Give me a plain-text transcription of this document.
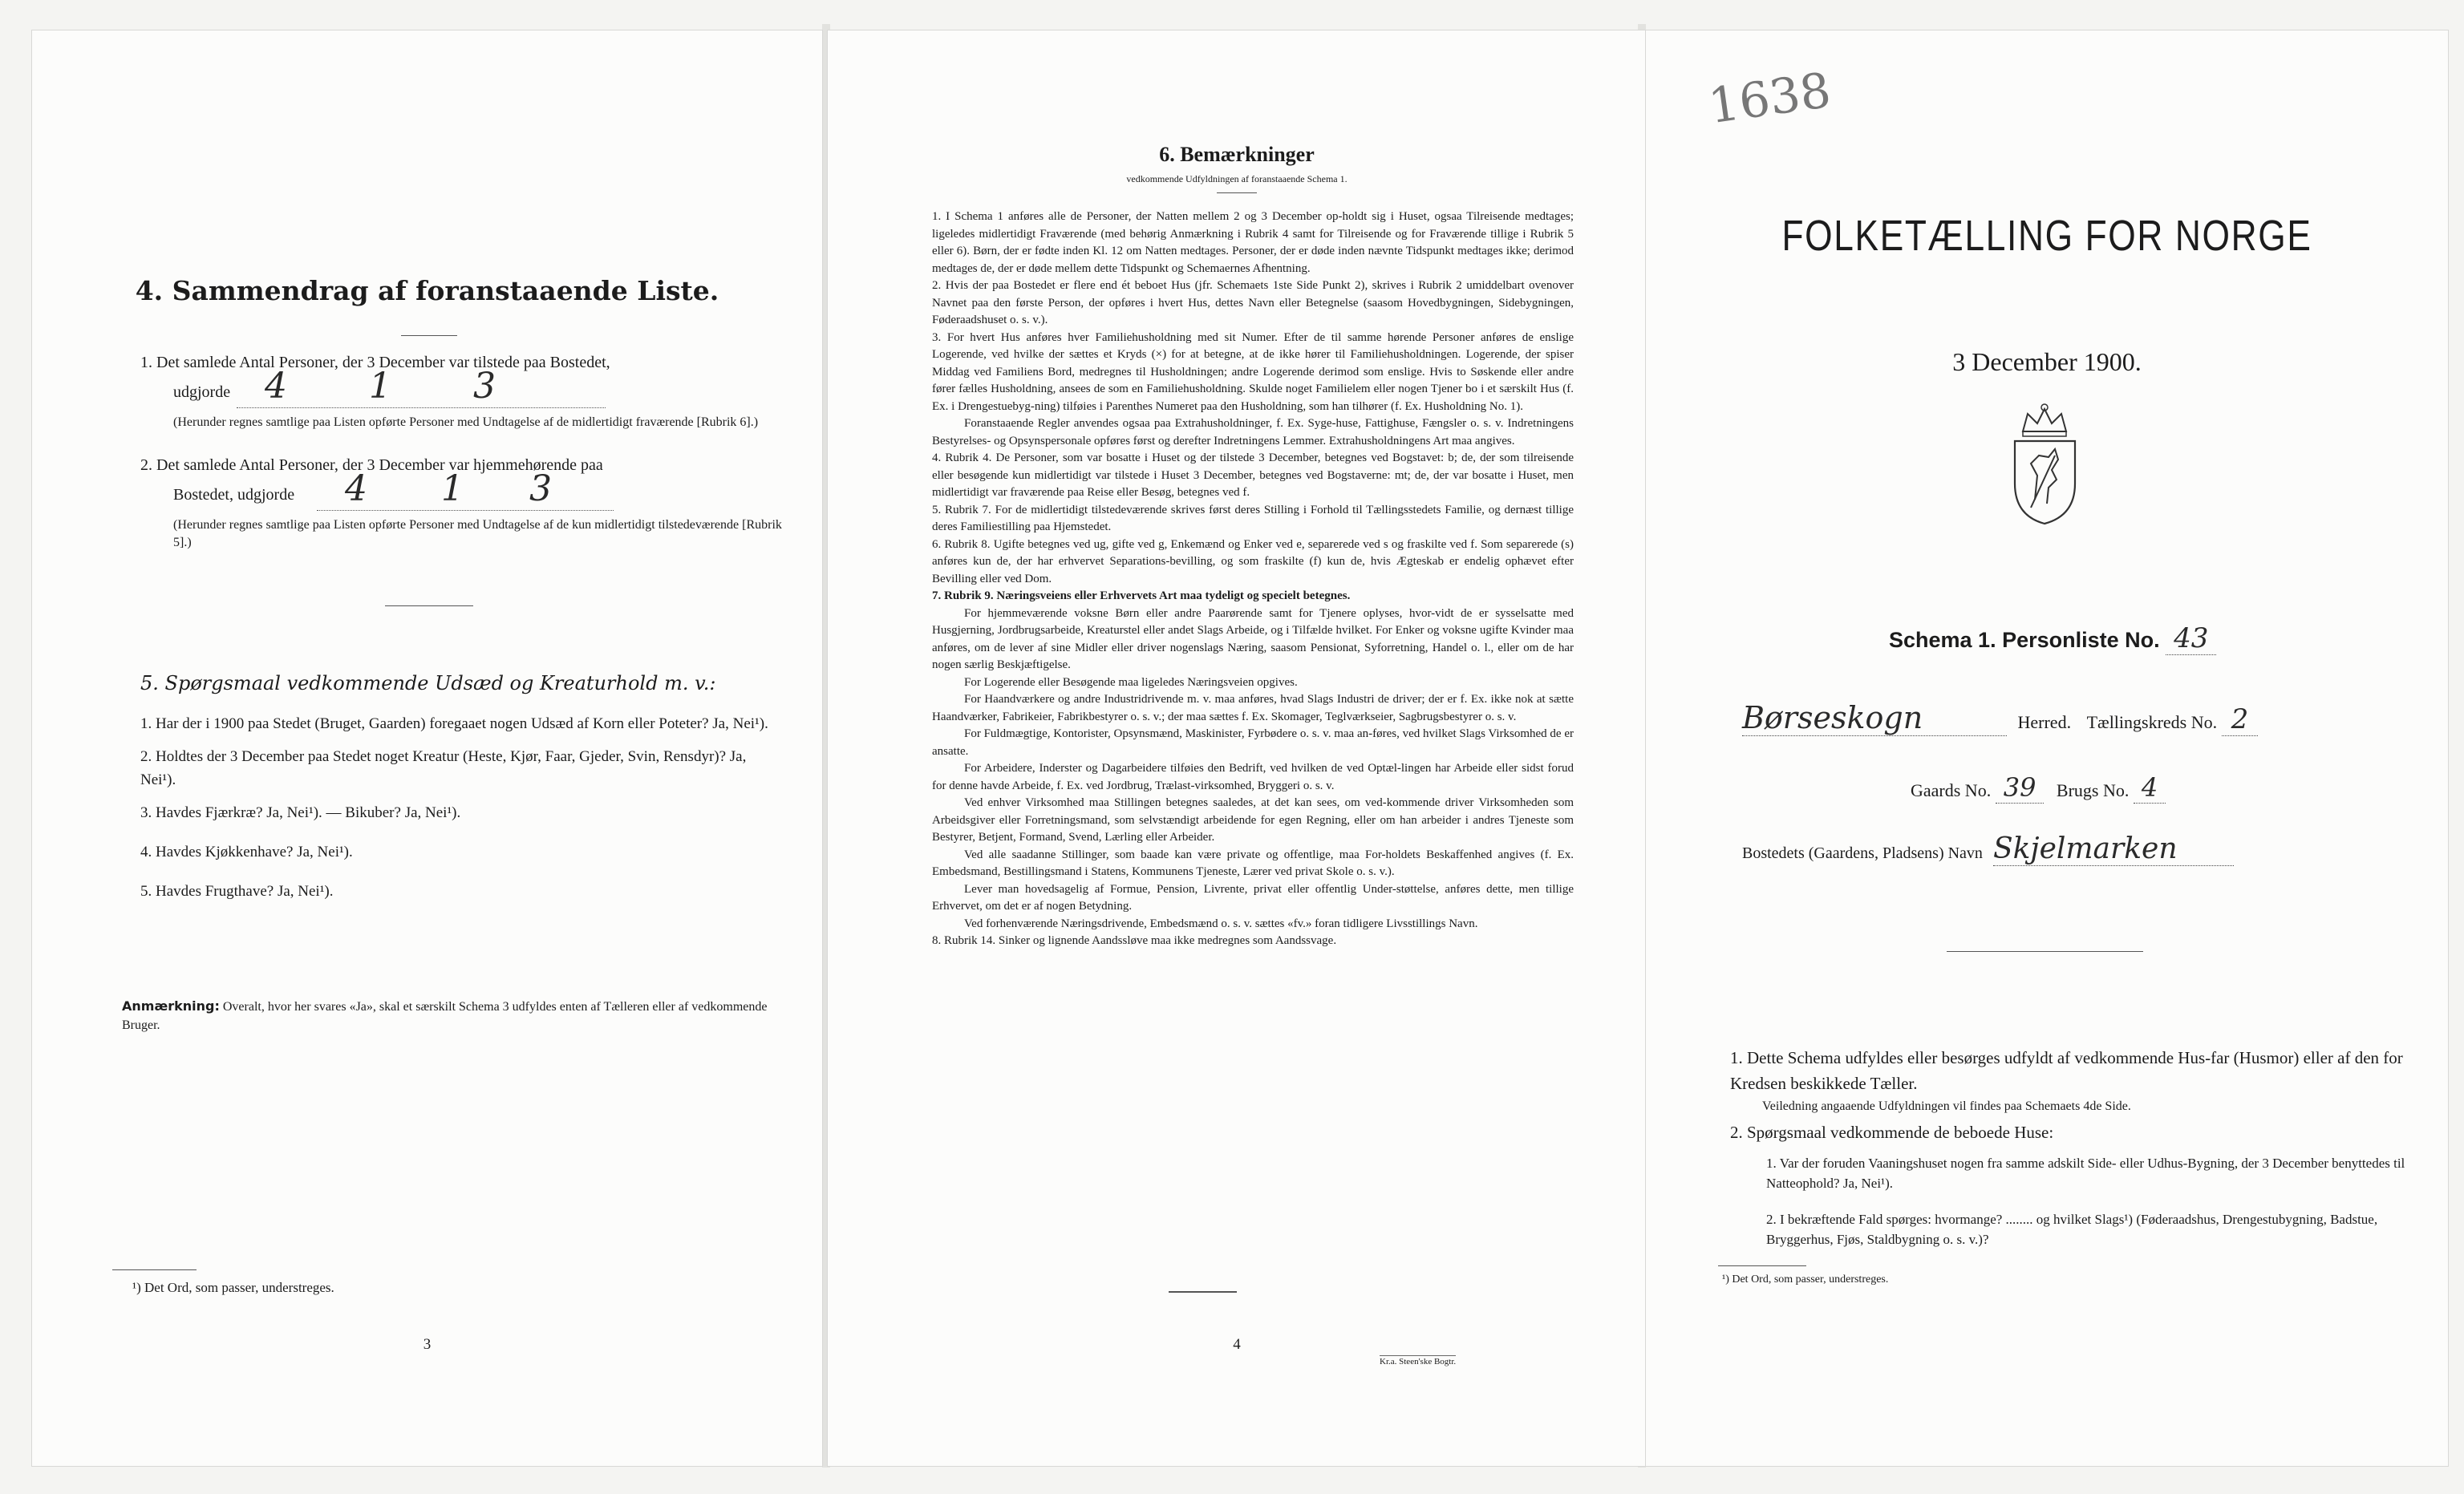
4. Sammendrag af foranstaaende Liste.
1. Det samlede Antal Personer, der 3 December var tilstede paa Bostedet,
udgjorde 4 1 3
(Herunder regnes samtlige paa Listen opførte Personer med Undtagelse af de midlertidigt fraværende [Rubrik 6].)
2. Det samlede Antal Personer, der 3 December var hjemmehørende paa
Bostedet, udgjorde 4 1 3
(Herunder regnes samtlige paa Listen opførte Personer med Undtagelse af de kun midlertidigt tilstedeværende [Rubrik 5].)
5. Spørgsmaal vedkommende Udsæd og Kreaturhold m. v.:
1. Har der i 1900 paa Stedet (Bruget, Gaarden) foregaaet nogen Udsæd af Korn eller Poteter? Ja, Nei¹).
2. Holdtes der 3 December paa Stedet noget Kreatur (Heste, Kjør, Faar, Gjeder, Svin, Rensdyr)? Ja, Nei¹).
3. Havdes Fjærkræ? Ja, Nei¹). — Bikuber? Ja, Nei¹).
4. Havdes Kjøkkenhave? Ja, Nei¹).
5. Havdes Frugthave? Ja, Nei¹).
Anmærkning: Overalt, hvor her svares «Ja», skal et særskilt Schema 3 udfyldes enten af Tælleren eller af vedkommende Bruger.
¹) Det Ord, som passer, understreges.
3
6. Bemærkninger
vedkommende Udfyldningen af foranstaaende Schema 1.
1. I Schema 1 anføres alle de Personer, der Natten mellem 2 og 3 December op-holdt sig i Huset, ogsaa Tilreisende medtages; ligeledes midlertidigt Fraværende (med behørig Anmærkning i Rubrik 4 samt for Tilreisende og for Fraværende tillige i Rubrik 5 eller 6). Børn, der er fødte inden Kl. 12 om Natten medtages. Personer, der er døde inden nævnte Tidspunkt medtages ikke; derimod medtages de, der er døde mellem dette Tidspunkt og Schemaernes Afhentning.
2. Hvis der paa Bostedet er flere end ét beboet Hus (jfr. Schemaets 1ste Side Punkt 2), skrives i Rubrik 2 umiddelbart ovenover Navnet paa den første Person, der opføres i hvert Hus, dettes Navn eller Betegnelse (saasom Hovedbygningen, Sidebygningen, Føderaadshuset o. s. v.).
3. For hvert Hus anføres hver Familiehusholdning med sit Numer. Efter de til samme hørende Personer anføres de enslige Logerende, ved hvilke der sættes et Kryds (×) for at betegne, at de ikke hører til Familiehusholdningen. Logerende, der spiser Middag ved Familiens Bord, medregnes til Husholdningen; andre Logerende derimod som enslige. Hvis to Søskende eller andre fører fælles Husholdning, ansees de som en Familiehusholdning. Skulde noget Familielem eller nogen Tjener bo i et særskilt Hus (f. Ex. i Drengestuebyg-ning) tilføies i Parenthes Numeret paa den Husholdning, som han tilhører (f. Ex. Husholdning No. 1).
Foranstaaende Regler anvendes ogsaa paa Extrahusholdninger, f. Ex. Syge-huse, Fattighuse, Fængsler o. s. v. Indretningens Bestyrelses- og Opsynspersonale opføres først og derefter Indretningens Lemmer. Extrahusholdningens Art maa angives.
4. Rubrik 4. De Personer, som var bosatte i Huset og der tilstede 3 December, betegnes ved Bogstavet: b; de, der som tilreisende eller besøgende kun midlertidigt var tilstede i Huset 3 December, betegnes ved Bogstaverne: mt; de, der var bosatte i Huset, men midlertidigt var fraværende paa Reise eller Besøg, betegnes ved f.
5. Rubrik 7. For de midlertidigt tilstedeværende skrives først deres Stilling i Forhold til Tællingsstedets Familie, og dernæst tillige deres Familiestilling paa Hjemstedet.
6. Rubrik 8. Ugifte betegnes ved ug, gifte ved g, Enkemænd og Enker ved e, separerede ved s og fraskilte ved f. Som separerede (s) anføres kun de, der har erhvervet Separations-bevilling, og som fraskilte (f) kun de, hvis Ægteskab er endelig ophævet efter Bevilling eller ved Dom.
7. Rubrik 9. Næringsveiens eller Erhvervets Art maa tydeligt og specielt betegnes.
For hjemmeværende voksne Børn eller andre Paarørende samt for Tjenere oplyses, hvor-vidt de er sysselsatte med Husgjerning, Jordbrugsarbeide, Kreaturstel eller andet Slags Arbeide, og i Tilfælde hvilket. For Enker og voksne ugifte Kvinder maa anføres, om de lever af sine Midler eller driver nogenslags Næring, saasom Pensionat, Syforretning, Handel o. l., eller om de har nogen særlig Beskjæftigelse.
For Logerende eller Besøgende maa ligeledes Næringsveien opgives.
For Haandværkere og andre Industridrivende m. v. maa anføres, hvad Slags Industri de driver; der er f. Ex. ikke nok at sætte Haandværker, Fabrikeier, Fabrikbestyrer o. s. v.; der maa sættes f. Ex. Skomager, Teglværkseier, Sagbrugsbestyrer o. s. v.
For Fuldmægtige, Kontorister, Opsynsmænd, Maskinister, Fyrbødere o. s. v. maa an-føres, ved hvilket Slags Virksomhed de er ansatte.
For Arbeidere, Inderster og Dagarbeidere tilføies den Bedrift, ved hvilken de ved Optæl-lingen har Arbeide eller sidst forud for denne havde Arbeide, f. Ex. ved Jordbrug, Trælast-virksomhed, Bryggeri o. s. v.
Ved enhver Virksomhed maa Stillingen betegnes saaledes, at det kan sees, om ved-kommende driver Virksomheden som Arbeidsgiver eller Forretningsmand, som selvstændigt arbeidende for egen Regning, eller om han arbeider i andres Tjeneste som Bestyrer, Betjent, Formand, Svend, Lærling eller Arbeider.
Ved alle saadanne Stillinger, som baade kan være private og offentlige, maa For-holdets Beskaffenhed angives (f. Ex. Embedsmand, Bestillingsmand i Statens, Kommunens Tjeneste, Lærer ved privat Skole o. s. v.).
Lever man hovedsagelig af Formue, Pension, Livrente, privat eller offentlig Under-støttelse, anføres dette, men tillige Erhvervet, om det er af nogen Betydning.
Ved forhenværende Næringsdrivende, Embedsmænd o. s. v. sættes «fv.» foran tidligere Livsstillings Navn.
8. Rubrik 14. Sinker og lignende Aandssløve maa ikke medregnes som Aandssvage.
4
Kr.a. Steen'ske Bogtr.
1638
FOLKETÆLLING FOR NORGE
3 December 1900.
Schema 1. Personliste No. 43
Børseskogn	Herred. Tællingskreds No. 2
Gaards No. 39 Brugs No. 4
Bostedets (Gaardens, Pladsens) Navn Skjelmarken
1. Dette Schema udfyldes eller besørges udfyldt af vedkommende Hus-far (Husmor) eller af den for Kredsen beskikkede Tæller.
Veiledning angaaende Udfyldningen vil findes paa Schemaets 4de Side.
2. Spørgsmaal vedkommende de beboede Huse:
1. Var der foruden Vaaningshuset nogen fra samme adskilt Side- eller Udhus-Bygning, der 3 December benyttedes til Natteophold? Ja, Nei¹).
2. I bekræftende Fald spørges: hvormange? ........ og hvilket Slags¹) (Føderaadshus, Drengestubygning, Badstue, Bryggerhus, Fjøs, Staldbygning o. s. v.)?
¹) Det Ord, som passer, understreges.
